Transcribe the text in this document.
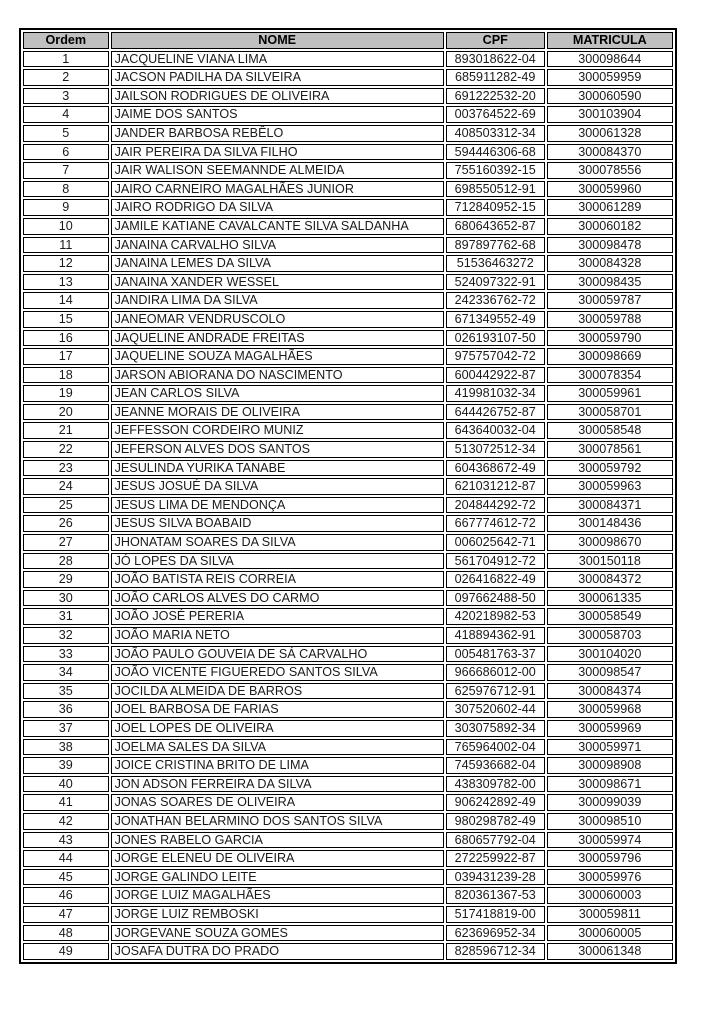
Ordem	NOME	CPF	MATRICULA
1	JACQUELINE VIANA LIMA	893018622-04	300098644
2	JACSON PADILHA DA SILVEIRA	685911282-49	300059959
3	JAILSON RODRIGUES DE OLIVEIRA	691222532-20	300060590
4	JAIME DOS SANTOS	003764522-69	300103904
5	JANDER BARBOSA REBÊLO	408503312-34	300061328
6	JAIR PEREIRA DA SILVA FILHO	594446306-68	300084370
7	JAIR WALISON SEEMANNDE ALMEIDA	755160392-15	300078556
8	JAIRO CARNEIRO MAGALHÃES JUNIOR	698550512-91	300059960
9	JAIRO RODRIGO DA SILVA	712840952-15	300061289
10	JAMILE KATIANE CAVALCANTE SILVA SALDANHA	680643652-87	300060182
11	JANAINA CARVALHO SILVA	897897762-68	300098478
12	JANAINA LEMES DA SILVA	51536463272	300084328
13	JANAINA XANDER WESSEL	524097322-91	300098435
14	JANDIRA LIMA DA SILVA	242336762-72	300059787
15	JANEOMAR VENDRUSCOLO	671349552-49	300059788
16	JAQUELINE ANDRADE FREITAS	026193107-50	300059790
17	JAQUELINE SOUZA MAGALHÃES	975757042-72	300098669
18	JARSON ABIORANA DO NASCIMENTO	600442922-87	300078354
19	JEAN CARLOS SILVA	419981032-34	300059961
20	JEANNE MORAIS DE OLIVEIRA	644426752-87	300058701
21	JEFFESSON CORDEIRO MUNIZ	643640032-04	300058548
22	JEFERSON ALVES DOS SANTOS	513072512-34	300078561
23	JESULINDA YURIKA TANABE	604368672-49	300059792
24	JESUS JOSUÉ DA SILVA	621031212-87	300059963
25	JESUS LIMA DE MENDONÇA	204844292-72	300084371
26	JESUS SILVA BOABAID	667774612-72	300148436
27	JHONATAM SOARES DA SILVA	006025642-71	300098670
28	JÓ LOPES DA SILVA	561704912-72	300150118
29	JOÃO BATISTA REIS CORREIA	026416822-49	300084372
30	JOÃO CARLOS ALVES DO CARMO	097662488-50	300061335
31	JOÃO JOSÉ PERERIA	420218982-53	300058549
32	JOÃO MARIA NETO	418894362-91	300058703
33	JOÃO PAULO GOUVEIA DE SÁ CARVALHO	005481763-37	300104020
34	JOÃO VICENTE FIGUEREDO SANTOS SILVA	966686012-00	300098547
35	JOCILDA ALMEIDA DE BARROS	625976712-91	300084374
36	JOEL BARBOSA DE FARIAS	307520602-44	300059968
37	JOEL LOPES DE OLIVEIRA	303075892-34	300059969
38	JOELMA SALES DA SILVA	765964002-04	300059971
39	JOICE CRISTINA BRITO DE LIMA	745936682-04	300098908
40	JON ADSON FERREIRA DA SILVA	438309782-00	300098671
41	JONAS SOARES DE OLIVEIRA	906242892-49	300099039
42	JONATHAN BELARMINO DOS SANTOS SILVA	980298782-49	300098510
43	JONES RABELO GARCIA	680657792-04	300059974
44	JORGE ELENEU DE OLIVEIRA	272259922-87	300059796
45	JORGE GALINDO LEITE	039431239-28	300059976
46	JORGE LUIZ MAGALHÃES	820361367-53	300060003
47	JORGE LUIZ REMBOSKI	517418819-00	300059811
48	JORGEVANE SOUZA GOMES	623696952-34	300060005
49	JOSAFA DUTRA DO PRADO	828596712-34	300061348
